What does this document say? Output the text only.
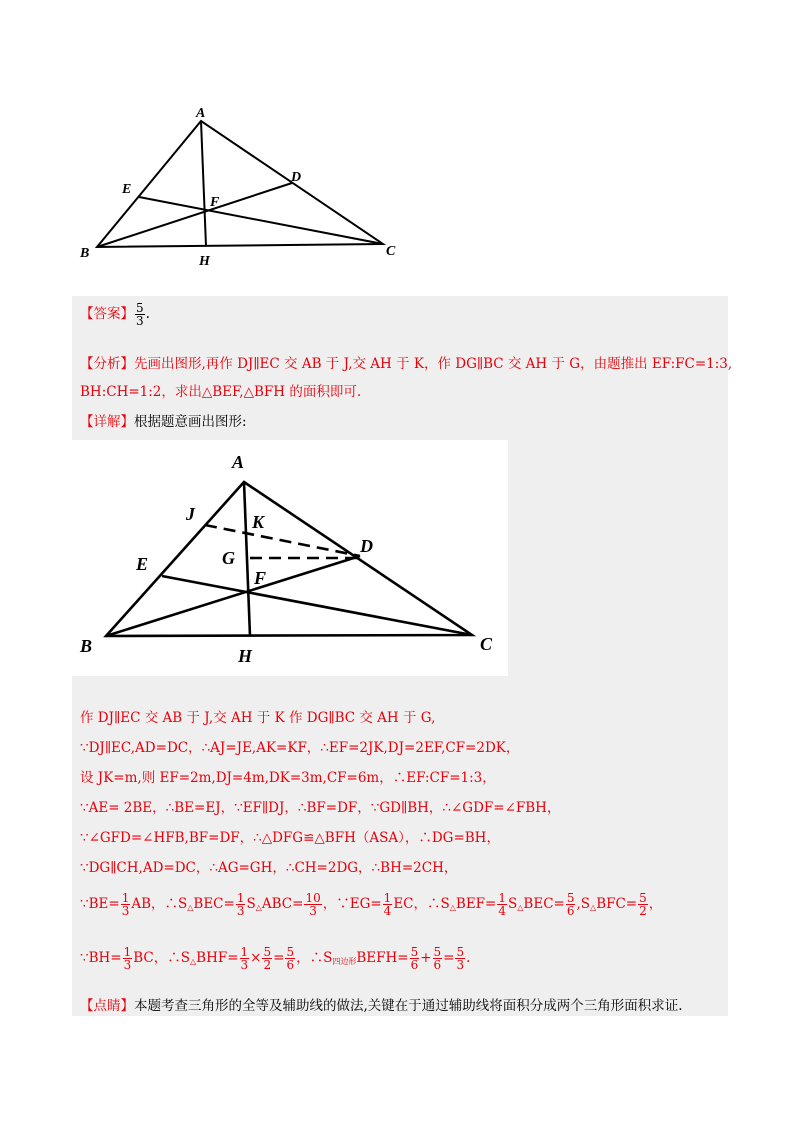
A
B	C
D
E
F
H
【答案】 $\frac{5}{3}$ .
【分析】先画出图形,再作 DJ∥EC 交 AB 于 J,交 AH 于 K，作 DG∥BC 交 AH 于 G，由题推出 EF:FC=1:3,
BH:CH=1:2，求出△BEF,△BFH 的面积即可.
【详解】根据题意画出图形:
A
B	C
D
E
F
G
H
J	K
作 DJ∥EC 交 AB 于 J,交 AH 于 K 作 DG∥BC 交 AH 于 G,
∵DJ∥EC,AD=DC，∴AJ=JE,AK=KF，∴EF=2JK,DJ=2EF,CF=2DK，
设 JK=m,则 EF=2m,DJ=4m,DK=3m,CF=6m，∴EF:CF=1:3，
∵AE= 2BE，∴BE=EJ，∵EF∥DJ，∴BF=DF，∵GD∥BH，∴∠GDF=∠FBH，
∵∠GFD=∠HFB,BF=DF，∴△DFG≌△BFH（ASA），∴DG=BH，
∵DG∥CH,AD=DC，∴AG=GH，∴CH=2DG，∴BH=2CH，
∵BE= $\frac{1}{3}$ AB，$\therefore S_\triangle BEC= \frac{1}{3} S_\triangle ABC= \frac{10}{3}$ ，∵EG= $\frac{1}{4}$ EC，$\therefore S_\triangle BEF= \frac{1}{4} S_\triangle BEC= \frac{5}{6} ,S_\triangle BFC= \frac{5}{2}$ ，
∵BH= $\frac{1}{3}$ BC，$\therefore S_\triangle BHF= \frac{1}{3} \times \frac{5}{2} = \frac{5}{6}$ ，$\therefore S_{四边形}BEFH= \frac{5}{6} + \frac{5}{6} = \frac{5}{3}$ .
【点睛】本题考查三角形的全等及辅助线的做法,关键在于通过辅助线将面积分成两个三角形面积求证.
